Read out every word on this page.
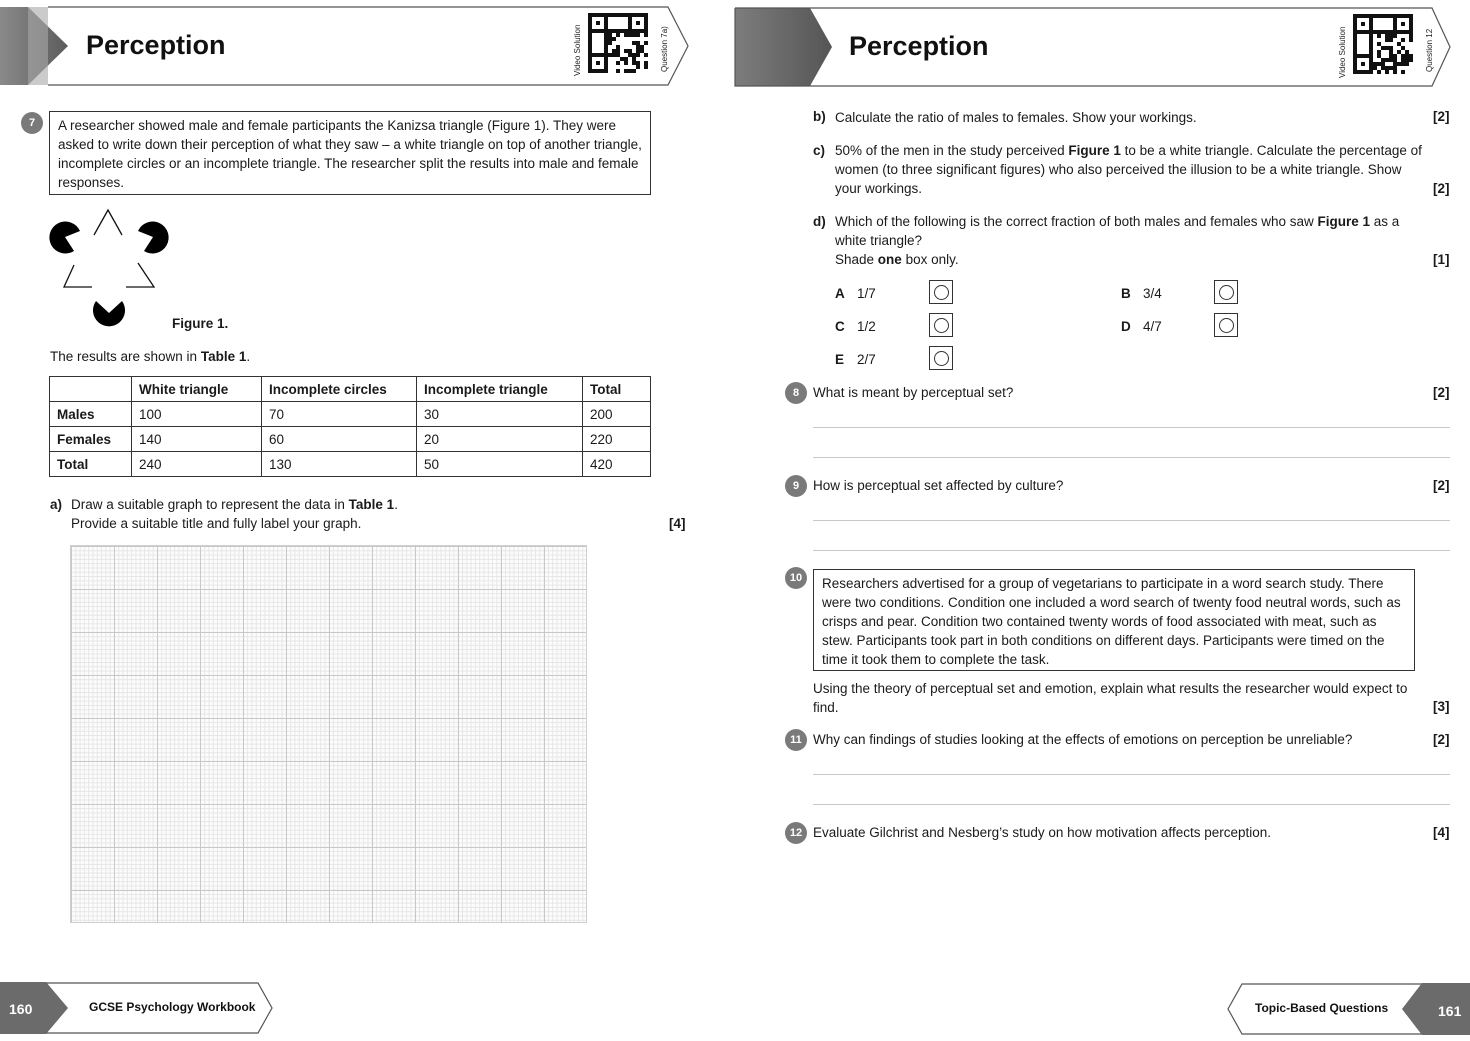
Perception	Video Solution	Question 7a)
7	A researcher showed male and female participants the Kanizsa triangle (Figure 1). They were asked to write down their perception of what they saw – a white triangle on top of another triangle, incomplete circles or an incomplete triangle. The researcher split the results into male and female responses.
Figure 1.
The results are shown in Table 1.
	White triangle	Incomplete circles	Incomplete triangle	Total
Males	100	70	30	200
Females	140	60	20	220
Total	240	130	50	420
a) Draw a suitable graph to represent the data in Table 1.
Provide a suitable title and fully label your graph.	[4]
160	GCSE Psychology Workbook
Perception	Video Solution	Question 12
b) Calculate the ratio of males to females. Show your workings.	[2]
c) 50% of the men in the study perceived Figure 1 to be a white triangle. Calculate the percentage of women (to three significant figures) who also perceived the illusion to be a white triangle. Show your workings.	[2]
d) Which of the following is the correct fraction of both males and females who saw Figure 1 as a white triangle?
Shade one box only.	[1]
A 1/7	B 3/4
C 1/2	D 4/7
E 2/7
8	What is meant by perceptual set?	[2]
9	How is perceptual set affected by culture?	[2]
10	Researchers advertised for a group of vegetarians to participate in a word search study. There were two conditions. Condition one included a word search of twenty food neutral words, such as crisps and pear. Condition two contained twenty words of food associated with meat, such as stew. Participants took part in both conditions on different days. Participants were timed on the time it took them to complete the task.
Using the theory of perceptual set and emotion, explain what results the researcher would expect to find.	[3]
11 Why can findings of studies looking at the effects of emotions on perception be unreliable?	[2]
12 Evaluate Gilchrist and Nesberg’s study on how motivation affects perception.	[4]
Topic-Based Questions	161
